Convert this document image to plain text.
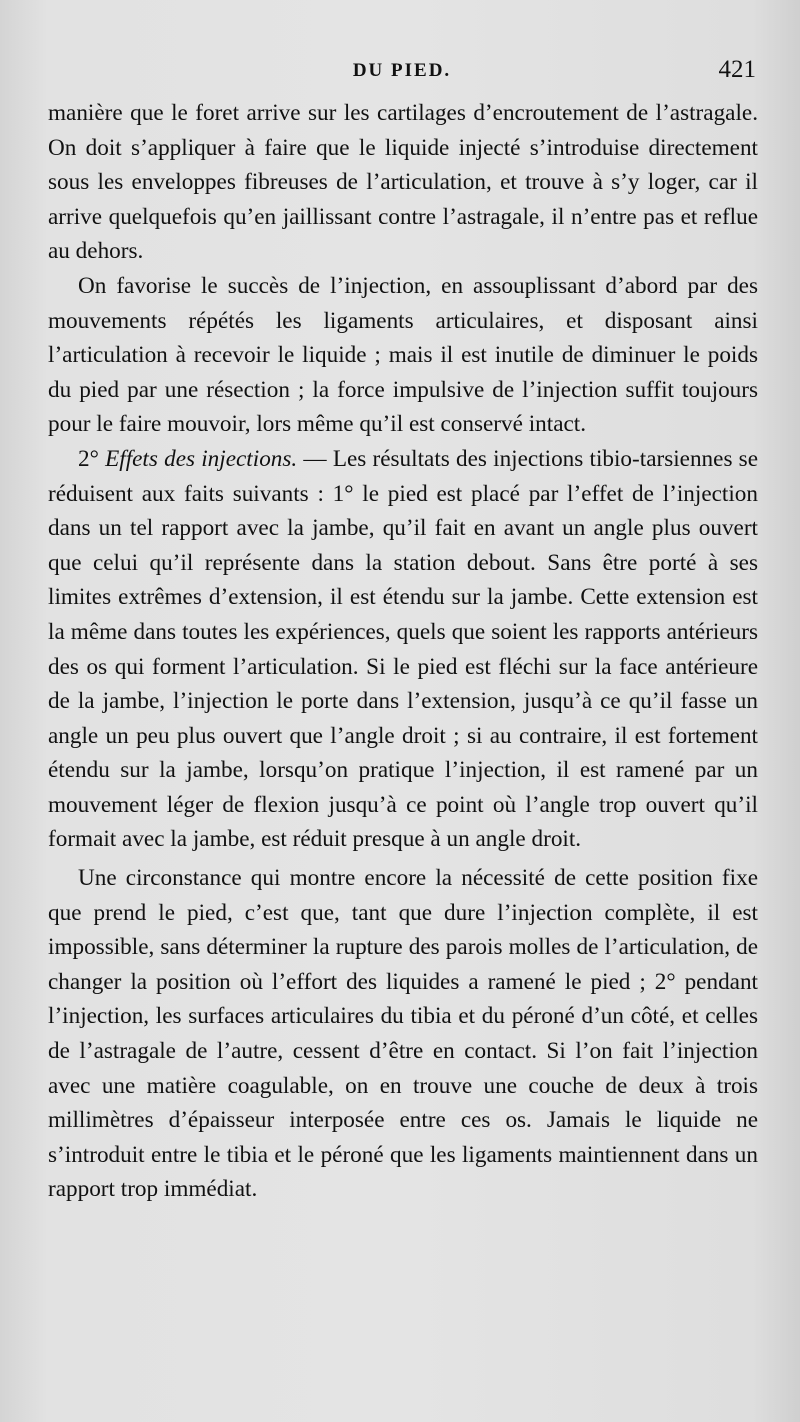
DU PIED.	421

manière que le foret arrive sur les cartilages d’encroutement de l’astragale. On doit s’appliquer à faire que le liquide injecté s’introduise directement sous les enveloppes fibreuses de l’articulation, et trouve à s’y loger, car il arrive quelquefois qu’en jaillissant contre l’astragale, il n’entre pas et reflue au dehors.

On favorise le succès de l’injection, en assouplissant d’abord par des mouvements répétés les ligaments articulaires, et disposant ainsi l’articulation à recevoir le liquide ; mais il est inutile de diminuer le poids du pied par une résection ; la force impulsive de l’injection suffit toujours pour le faire mouvoir, lors même qu’il est conservé intact.

2° Effets des injections. — Les résultats des injections tibio-tarsiennes se réduisent aux faits suivants : 1° le pied est placé par l’effet de l’injection dans un tel rapport avec la jambe, qu’il fait en avant un angle plus ouvert que celui qu’il représente dans la station debout. Sans être porté à ses limites extrêmes d’extension, il est étendu sur la jambe. Cette extension est la même dans toutes les expériences, quels que soient les rapports antérieurs des os qui forment l’articulation. Si le pied est fléchi sur la face antérieure de la jambe, l’injection le porte dans l’extension, jusqu’à ce qu’il fasse un angle un peu plus ouvert que l’angle droit ; si au contraire, il est fortement étendu sur la jambe, lorsqu’on pratique l’injection, il est ramené par un mouvement léger de flexion jusqu’à ce point où l’angle trop ouvert qu’il formait avec la jambe, est réduit presque à un angle droit.

Une circonstance qui montre encore la nécessité de cette position fixe que prend le pied, c’est que, tant que dure l’injection complète, il est impossible, sans déterminer la rupture des parois molles de l’articulation, de changer la position où l’effort des liquides a ramené le pied ; 2° pendant l’injection, les surfaces articulaires du tibia et du péroné d’un côté, et celles de l’astragale de l’autre, cessent d’être en contact. Si l’on fait l’injection avec une matière coagulable, on en trouve une couche de deux à trois millimètres d’épaisseur interposée entre ces os. Jamais le liquide ne s’introduit entre le tibia et le péroné que les ligaments maintiennent dans un rapport trop immédiat.
